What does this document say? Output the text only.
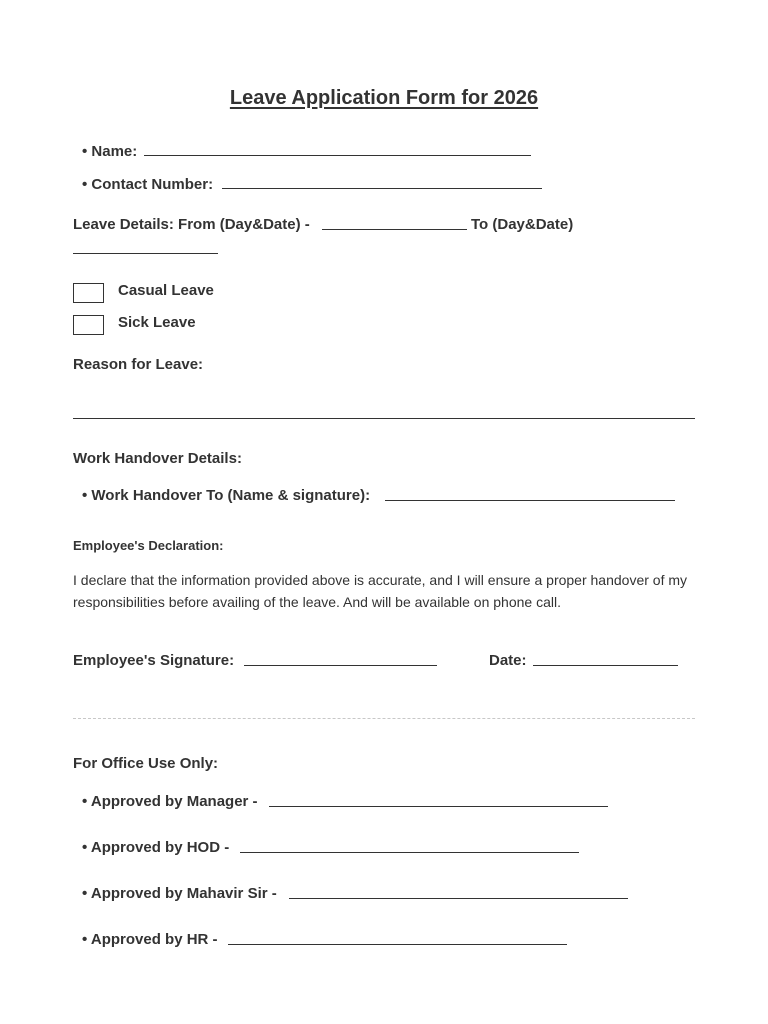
Leave Application Form for 2026
• Name:
• Contact Number:
Leave Details: From (Day&Date) -	To (Day&Date)
Casual Leave
Sick Leave
Reason for Leave:
Work Handover Details:
• Work Handover To (Name & signature):
Employee's Declaration:
I declare that the information provided above is accurate, and I will ensure a proper handover of my responsibilities before availing of the leave. And will be available on phone call.
Employee's Signature:	Date:
For Office Use Only:
• Approved by Manager -
• Approved by HOD -
• Approved by Mahavir Sir -
• Approved by HR -
